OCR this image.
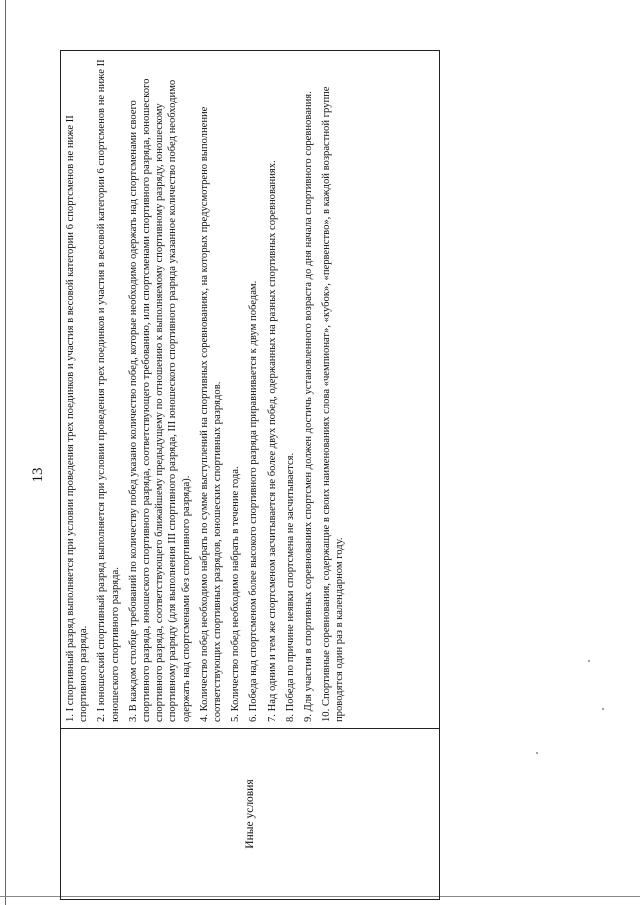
13
Иные условия	
1. I спортивный разряд выполняется при условии проведения трех поединков и участия в весовой категории 6 спортсменов не ниже II спортивного разряда. 2. I юношеский спортивный разряд выполняется при условии проведения трех поединков и участия в весовой категории 6 спортсменов не ниже II юношеского спортивного разряда. 3. В каждом столбце требований по количеству побед указано количество побед, которые необходимо одержать над спортсменами своего спортивного разряда, юношеского спортивного разряда, соответствующего требованию, или спортсменами спортивного разряда, юношеского спортивного разряда, соответствующего ближайшему предыдущему по отношению к выполняемому спортивному разряду, юношескому спортивному разряду (для выполнения III спортивного разряда, III юношеского спортивного разряда указанное количество побед необходимо одержать над спортсменами без спортивного разряда). 4. Количество побед необходимо набрать по сумме выступлений на спортивных соревнованиях, на которых предусмотрено выполнение соответствующих спортивных разрядов, юношеских спортивных разрядов. 5. Количество побед необходимо набрать в течение года. 6. Победа над спортсменом более высокого спортивного разряда приравнивается к двум победам. 7. Над одним и тем же спортсменом засчитывается не более двух побед, одержанных на разных спортивных соревнованиях. 8. Победа по причине неявки спортсмена не засчитывается. 9. Для участия в спортивных соревнованиях спортсмен должен достичь установленного возраста до дня начала спортивного соревнования. 10. Спортивные соревнования, содержащие в своих наименованиях слова «чемпионат», «кубок», «первенство», в каждой возрастной группе проводятся один раз в календарном году.
